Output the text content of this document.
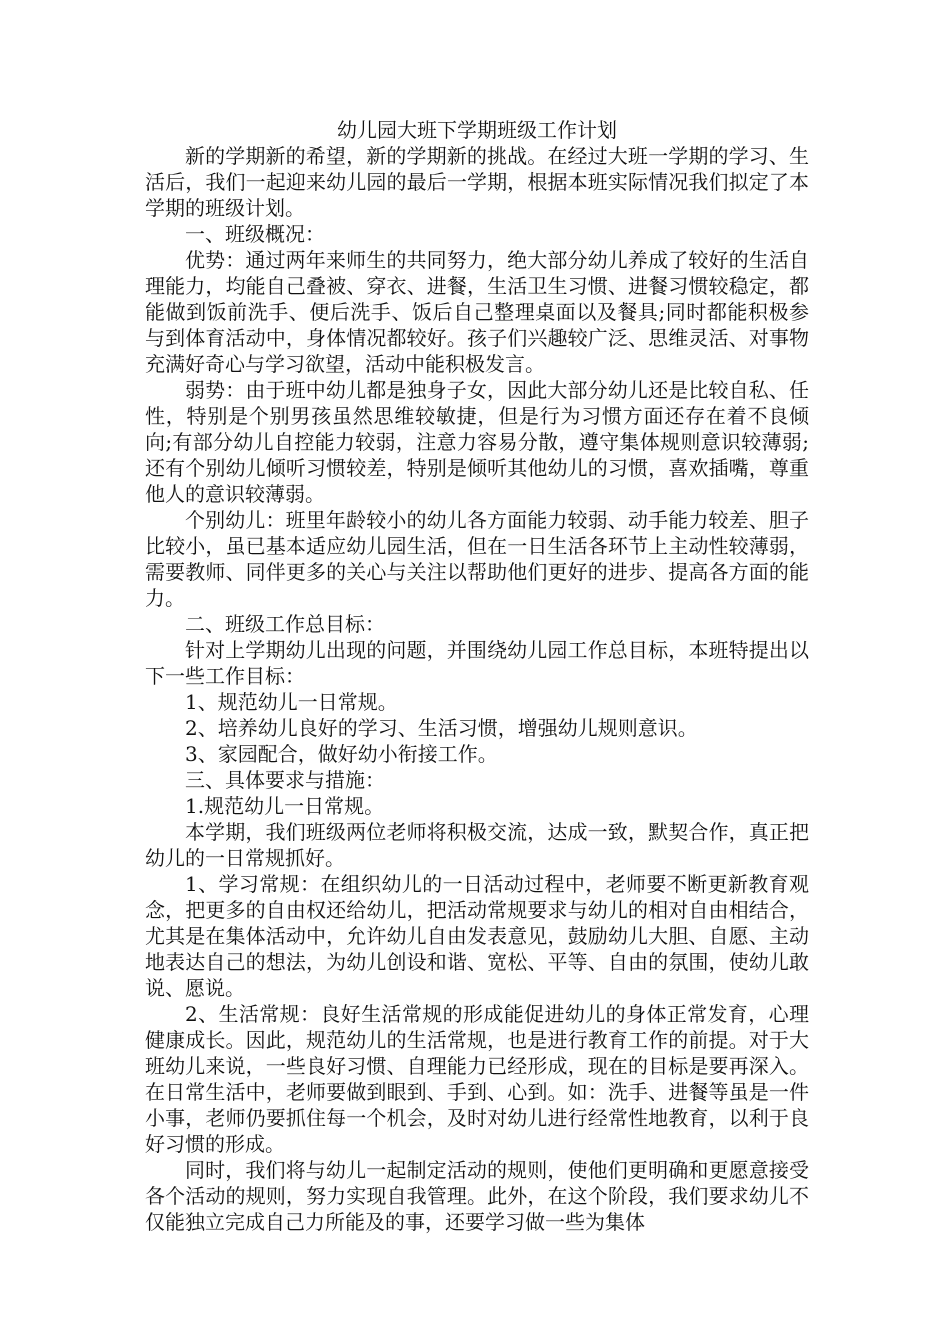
幼儿园大班下学期班级工作计划

新的学期新的希望，新的学期新的挑战。在经过大班一学期的学习、生活后，我们一起迎来幼儿园的最后一学期，根据本班实际情况我们拟定了本学期的班级计划。

一、班级概况：

优势：通过两年来师生的共同努力，绝大部分幼儿养成了较好的生活自理能力，均能自己叠被、穿衣、进餐，生活卫生习惯、进餐习惯较稳定，都能做到饭前洗手、便后洗手、饭后自己整理桌面以及餐具;同时都能积极参与到体育活动中，身体情况都较好。孩子们兴趣较广泛、思维灵活、对事物充满好奇心与学习欲望，活动中能积极发言。

弱势：由于班中幼儿都是独身子女，因此大部分幼儿还是比较自私、任性，特别是个别男孩虽然思维较敏捷，但是行为习惯方面还存在着不良倾向;有部分幼儿自控能力较弱，注意力容易分散，遵守集体规则意识较薄弱;还有个别幼儿倾听习惯较差，特别是倾听其他幼儿的习惯，喜欢插嘴，尊重他人的意识较薄弱。

个别幼儿：班里年龄较小的幼儿各方面能力较弱、动手能力较差、胆子比较小，虽已基本适应幼儿园生活，但在一日生活各环节上主动性较薄弱，需要教师、同伴更多的关心与关注以帮助他们更好的进步、提高各方面的能力。

二、班级工作总目标：

针对上学期幼儿出现的问题，并围绕幼儿园工作总目标，本班特提出以下一些工作目标：

1、规范幼儿一日常规。

2、培养幼儿良好的学习、生活习惯，增强幼儿规则意识。

3、家园配合，做好幼小衔接工作。

三、具体要求与措施：

1.规范幼儿一日常规。

本学期，我们班级两位老师将积极交流，达成一致，默契合作，真正把幼儿的一日常规抓好。

1、学习常规：在组织幼儿的一日活动过程中，老师要不断更新教育观念，把更多的自由权还给幼儿，把活动常规要求与幼儿的相对自由相结合，尤其是在集体活动中，允许幼儿自由发表意见，鼓励幼儿大胆、自愿、主动地表达自己的想法，为幼儿创设和谐、宽松、平等、自由的氛围，使幼儿敢说、愿说。

2、生活常规：良好生活常规的形成能促进幼儿的身体正常发育，心理健康成长。因此，规范幼儿的生活常规，也是进行教育工作的前提。对于大班幼儿来说，一些良好习惯、自理能力已经形成，现在的目标是要再深入。在日常生活中，老师要做到眼到、手到、心到。如：洗手、进餐等虽是一件小事，老师仍要抓住每一个机会，及时对幼儿进行经常性地教育，以利于良好习惯的形成。

同时，我们将与幼儿一起制定活动的规则，使他们更明确和更愿意接受各个活动的规则，努力实现自我管理。此外，在这个阶段，我们要求幼儿不仅能独立完成自己力所能及的事，还要学习做一些为集体
